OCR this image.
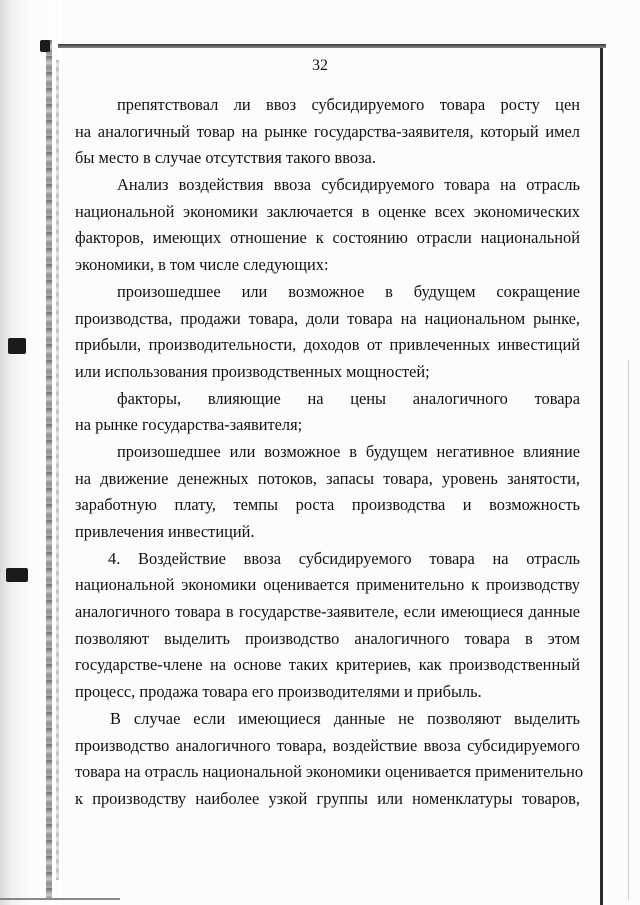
32
препятствовал ли ввоз субсидируемого товара росту цен
на аналогичный товар на рынке государства-заявителя, который имел
бы место в случае отсутствия такого ввоза.
Анализ воздействия ввоза субсидируемого товара на отрасль
национальной экономики заключается в оценке всех экономических
факторов, имеющих отношение к состоянию отрасли национальной
экономики, в том числе следующих:
произошедшее или возможное в будущем сокращение
производства, продажи товара, доли товара на национальном рынке,
прибыли, производительности, доходов от привлеченных инвестиций
или использования производственных мощностей;
факторы, влияющие на цены аналогичного товара
на рынке государства-заявителя;
произошедшее или возможное в будущем негативное влияние
на движение денежных потоков, запасы товара, уровень занятости,
заработную плату, темпы роста производства и возможность
привлечения инвестиций.
4. Воздействие ввоза субсидируемого товара на отрасль
национальной экономики оценивается применительно к производству
аналогичного товара в государстве-заявителе, если имеющиеся данные
позволяют выделить производство аналогичного товара в этом
государстве-члене на основе таких критериев, как производственный
процесс, продажа товара его производителями и прибыль.
В случае если имеющиеся данные не позволяют выделить
производство аналогичного товара, воздействие ввоза субсидируемого
товара на отрасль национальной экономики оценивается применительно
к производству наиболее узкой группы или номенклатуры товаров,
